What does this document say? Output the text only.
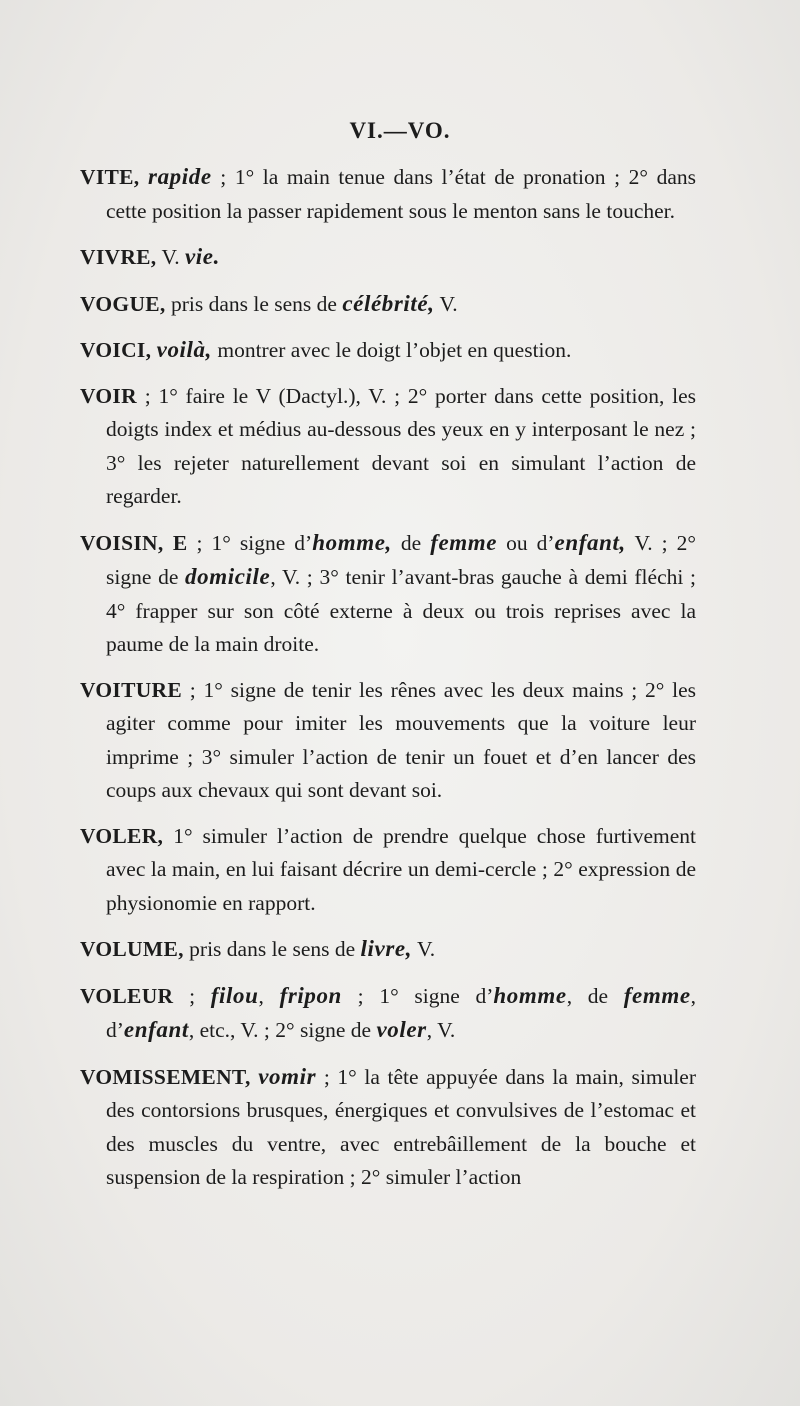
VI.—VO.

VITE, rapide ; 1° la main tenue dans l’état de pronation ; 2° dans cette position la passer rapidement sous le menton sans le toucher.

VIVRE, V. vie.

VOGUE, pris dans le sens de célébrité, V.

VOICI, voilà, montrer avec le doigt l’objet en question.

VOIR ; 1° faire le V (Dactyl.), V. ; 2° porter dans cette position, les doigts index et médius au-dessous des yeux en y interposant le nez ; 3° les rejeter naturellement devant soi en simulant l’action de regarder.

VOISIN, E ; 1° signe d’homme, de femme ou d’enfant, V. ; 2° signe de domicile, V. ; 3° tenir l’avant-bras gauche à demi fléchi ; 4° frapper sur son côté externe à deux ou trois reprises avec la paume de la main droite.

VOITURE ; 1° signe de tenir les rênes avec les deux mains ; 2° les agiter comme pour imiter les mouvements que la voiture leur imprime ; 3° simuler l’action de tenir un fouet et d’en lancer des coups aux chevaux qui sont devant soi.

VOLER, 1° simuler l’action de prendre quelque chose furtivement avec la main, en lui faisant décrire un demi-cercle ; 2° expression de physionomie en rapport.

VOLUME, pris dans le sens de livre, V.

VOLEUR ; filou, fripon ; 1° signe d’homme, de femme, d’enfant, etc., V. ; 2° signe de voler, V.

VOMISSEMENT, vomir ; 1° la tête appuyée dans la main, simuler des contorsions brusques, énergiques et convulsives de l’estomac et des muscles du ventre, avec entrebâillement de la bouche et suspension de la respiration ; 2° simuler l’action
